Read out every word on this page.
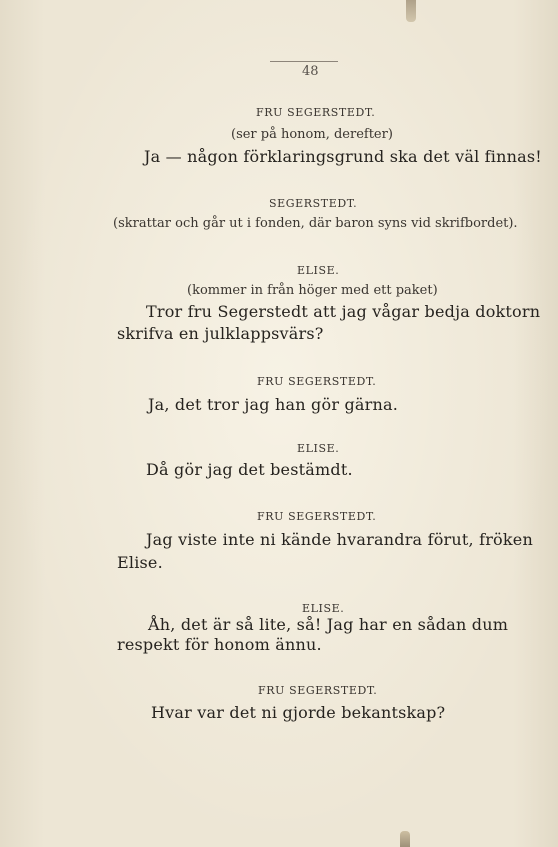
48
FRU SEGERSTEDT.
(ser på honom, derefter)
Ja — någon förklaringsgrund ska det väl finnas!
SEGERSTEDT.
(skrattar och går ut i fonden, där baron syns vid skrifbordet).
ELISE.
(kommer in från höger med ett paket)
Tror fru Segerstedt att jag vågar bedja doktorn
skrifva en julklappsvärs?
FRU SEGERSTEDT.
Ja, det tror jag han gör gärna.
ELISE.
Då gör jag det bestämdt.
FRU SEGERSTEDT.
Jag viste inte ni kände hvarandra förut, fröken
Elise.
ELISE.
Åh, det är så lite, så! Jag har en sådan dum
respekt för honom ännu.
FRU SEGERSTEDT.
Hvar var det ni gjorde bekantskap?
